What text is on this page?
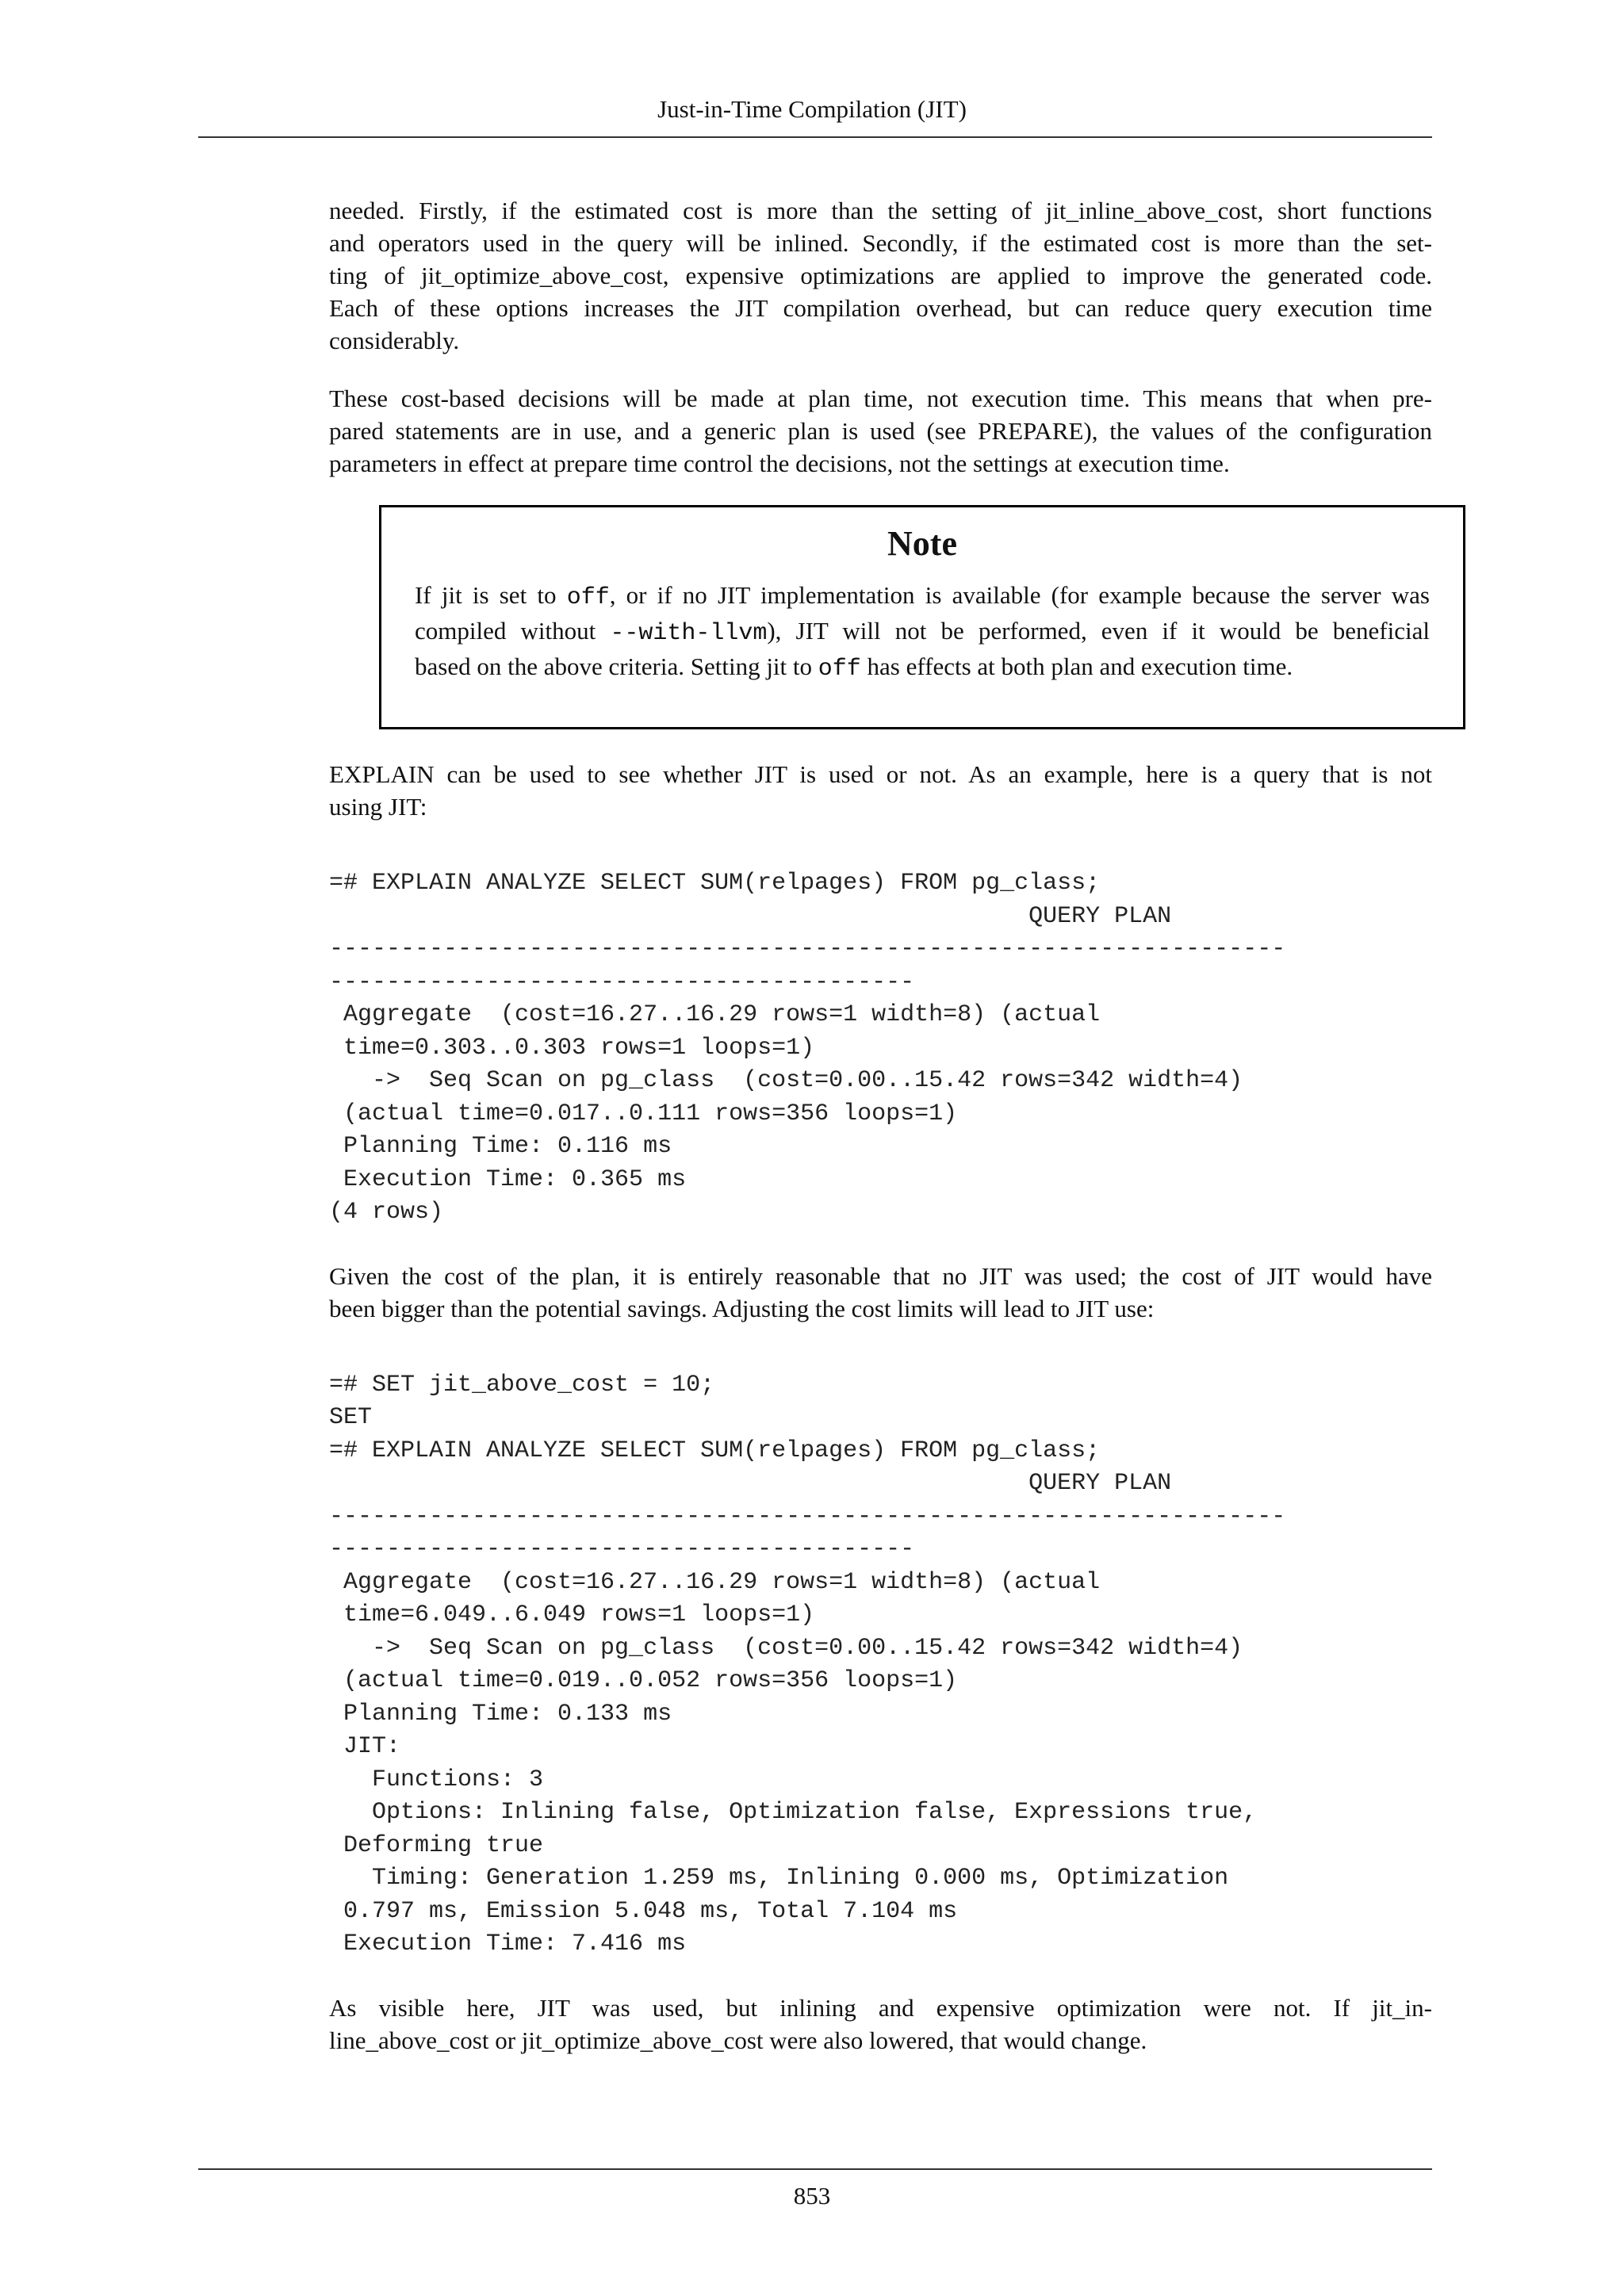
Just-in-Time Compilation (JIT)

needed. Firstly, if the estimated cost is more than the setting of jit_inline_above_cost, short functions
and operators used in the query will be inlined. Secondly, if the estimated cost is more than the set-
ting of jit_optimize_above_cost, expensive optimizations are applied to improve the generated code.
Each of these options increases the JIT compilation overhead, but can reduce query execution time
considerably.

These cost-based decisions will be made at plan time, not execution time. This means that when pre-
pared statements are in use, and a generic plan is used (see PREPARE), the values of the configuration
parameters in effect at prepare time control the decisions, not the settings at execution time.

Note
If jit is set to off, or if no JIT implementation is available (for example because the server was
compiled without --with-llvm), JIT will not be performed, even if it would be beneficial
based on the above criteria. Setting jit to off has effects at both plan and execution time.

EXPLAIN can be used to see whether JIT is used or not. As an example, here is a query that is not
using JIT:

=# EXPLAIN ANALYZE SELECT SUM(relpages) FROM pg_class;
QUERY PLAN
-------------------------------------------------------------------
-----------------------------------------
Aggregate  (cost=16.27..16.29 rows=1 width=8) (actual
time=0.303..0.303 rows=1 loops=1)
->  Seq Scan on pg_class  (cost=0.00..15.42 rows=342 width=4)
(actual time=0.017..0.111 rows=356 loops=1)
Planning Time: 0.116 ms
Execution Time: 0.365 ms
(4 rows)

Given the cost of the plan, it is entirely reasonable that no JIT was used; the cost of JIT would have
been bigger than the potential savings. Adjusting the cost limits will lead to JIT use:

=# SET jit_above_cost = 10;
SET
=# EXPLAIN ANALYZE SELECT SUM(relpages) FROM pg_class;
QUERY PLAN
-------------------------------------------------------------------
-----------------------------------------
Aggregate  (cost=16.27..16.29 rows=1 width=8) (actual
time=6.049..6.049 rows=1 loops=1)
->  Seq Scan on pg_class  (cost=0.00..15.42 rows=342 width=4)
(actual time=0.019..0.052 rows=356 loops=1)
Planning Time: 0.133 ms
JIT:
Functions: 3
Options: Inlining false, Optimization false, Expressions true,
Deforming true
Timing: Generation 1.259 ms, Inlining 0.000 ms, Optimization
0.797 ms, Emission 5.048 ms, Total 7.104 ms
Execution Time: 7.416 ms

As visible here, JIT was used, but inlining and expensive optimization were not. If jit_in-
line_above_cost or jit_optimize_above_cost were also lowered, that would change.

853
